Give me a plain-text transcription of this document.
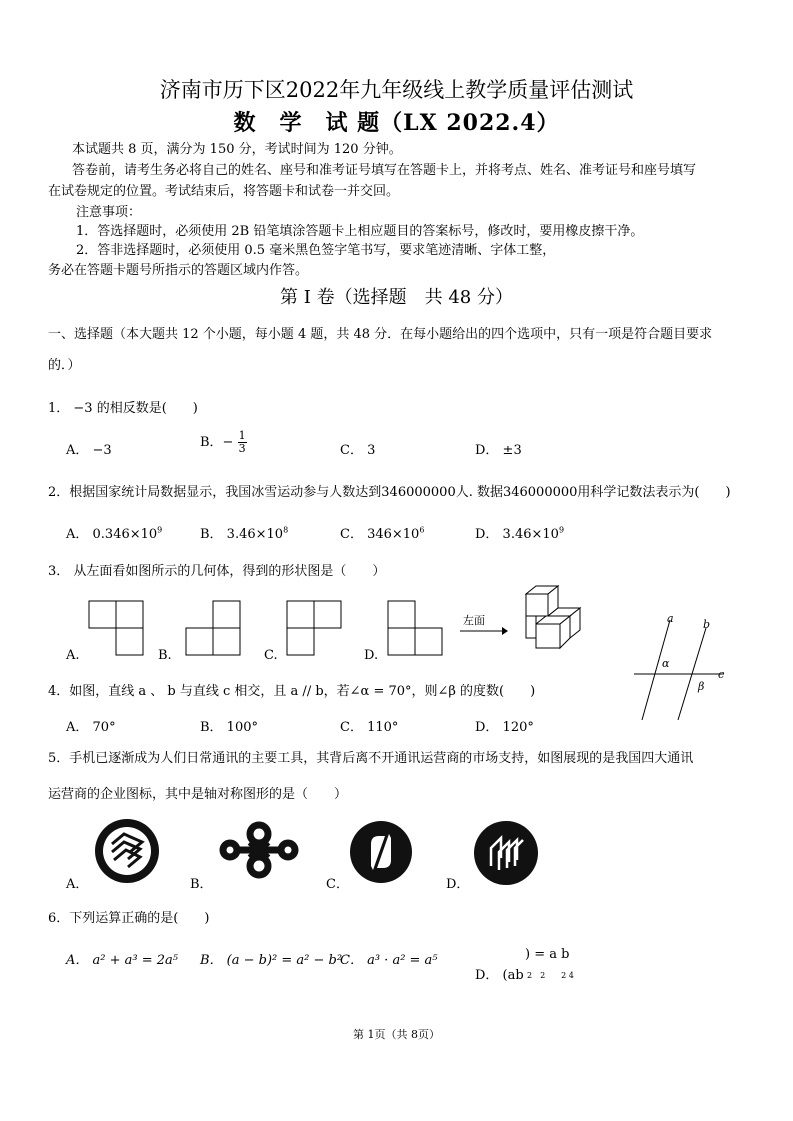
济南市历下区2022年九年级线上教学质量评估测试
数　学　试 题（LX 2022.4）
本试题共 8 页，满分为 150 分，考试时间为 120 分钟。
答卷前，请考生务必将自己的姓名、座号和准考证号填写在答题卡上，并将考点、姓名、准考证号和座号填写
在试卷规定的位置。考试结束后，将答题卡和试卷一并交回。
注意事项：
1．答选择题时，必须使用 2B 铅笔填涂答题卡上相应题目的答案标号，修改时，要用橡皮擦干净。
2．答非选择题时，必须使用 0.5 毫米黑色签字笔书写，要求笔迹清晰、字体工整，
务必在答题卡题号所指示的答题区域内作答。
第 I 卷（选择题　共 48 分）
一、选择题（本大题共 12 个小题，每小题 4 题，共 48 分．在每小题给出的四个选项中，只有一项是符合题目要求
的．）
1． −3 的相反数是(　　)
A． −3
B．− $\frac{1}{3}$	C． 3	D． ±3
2．根据国家统计局数据显示，我国冰雪运动参与人数达到346000000人. 数据346000000用科学记数法表示为(　　)
A． $0.346\times 10^9$	B． $3.46\times 10^8$	C． $346\times 10^6$	D． $3.46\times 10^9$
3． 从左面看如图所示的几何体，得到的形状图是（　　）
A.	B.	C.	D.
左面	a	b
c
α
β
4．如图，直线 a 、 b 与直线 c 相交，且 a // b，若∠α = 70°，则∠β 的度数(　　)
A． 70°	B． 100°	C． 110°	D． 120°
5．手机已逐渐成为人们日常通讯的主要工具，其背后离不开通讯运营商的市场支持，如图展现的是我国四大通讯
运营商的企业图标，其中是轴对称图形的是（　　）
A．	B．	C．	D．
6．下列运算正确的是(　　)
A． a² + a³ = 2a⁵ B． (a − b)² = a² − b²
C． a³ · a² = a⁵	) = a b
D． (ab 2　2　　2 4
第 1页（共 8页）
